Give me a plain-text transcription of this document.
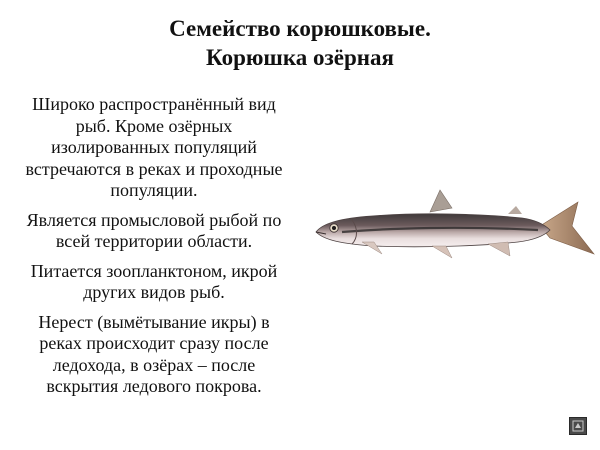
Семейство корюшковые.
Корюшка озёрная

Широко распространённый вид
рыб. Кроме озёрных
изолированных популяций
встречаются в реках и проходные
популяции.

Является промысловой рыбой по
всей территории области.

Питается зоопланктоном, икрой
других видов рыб.

Нерест (вымётывание икры) в
реках происходит сразу после
ледохода, в озёрах – после
вскрытия ледового покрова.
